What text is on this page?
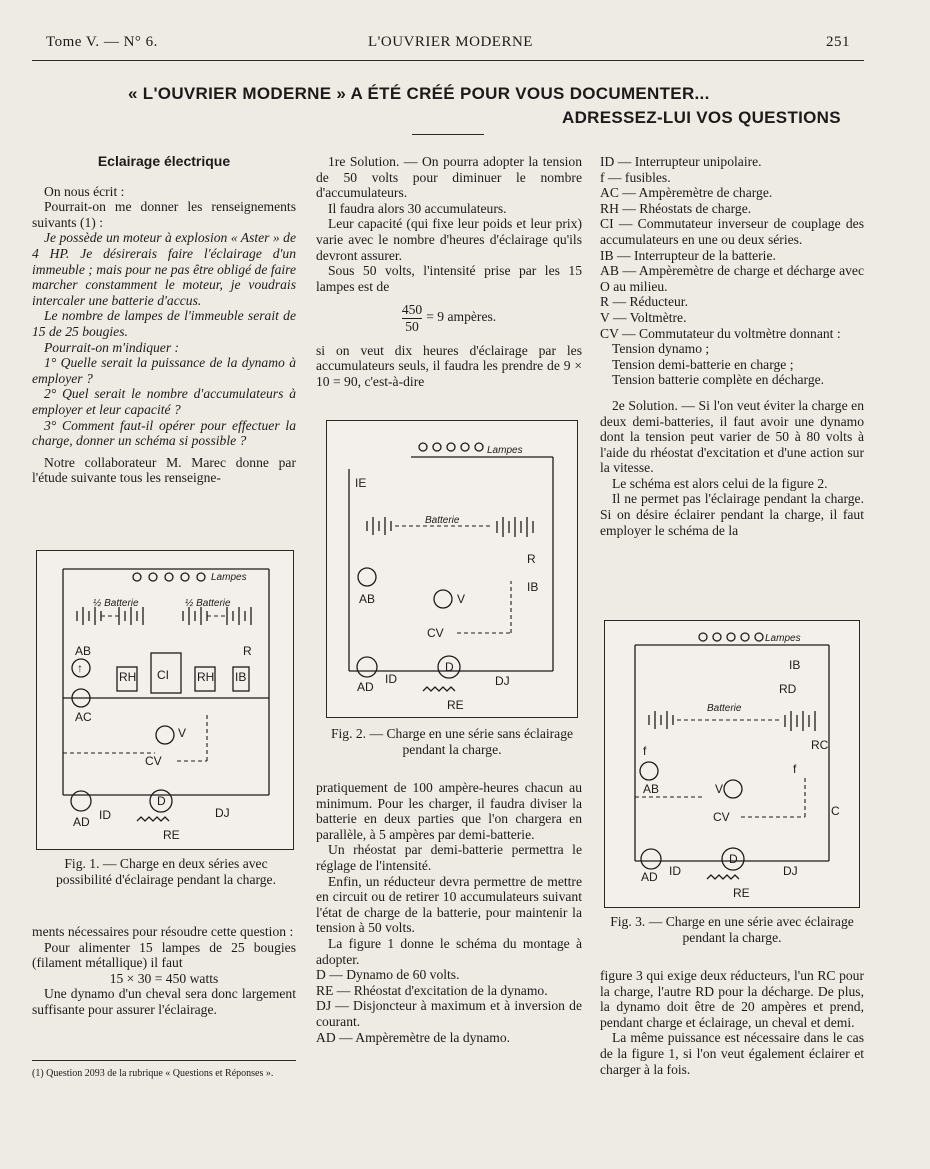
Tome V. — N° 6.	L'OUVRIER MODERNE	251
« L'OUVRIER MODERNE » A ÉTÉ CRÉÉ POUR VOUS DOCUMENTER...
ADRESSEZ-LUI VOS QUESTIONS

Eclairage électrique

On nous écrit :

Pourrait-on me donner les renseignements suivants (1) :

Je possède un moteur à explosion « Aster » de 4 HP. Je désirerais faire l'éclairage d'un immeuble ; mais pour ne pas être obligé de faire marcher constamment le moteur, je voudrais intercaler une batterie d'accus.

Le nombre de lampes de l'immeuble serait de 15 de 25 bougies.

Pourrait-on m'indiquer :

1° Quelle serait la puissance de la dynamo à employer ?

2° Quel serait le nombre d'accumulateurs à employer et leur capacité ?

3° Comment faut-il opérer pour effectuer la charge, donner un schéma si possible ?

Notre collaborateur M. Marec donne par l'étude suivante tous les renseigne-

Lampes
½ Batterie	½ Batterie
↑
AB
AC
RH CI RH IB
R
V
CV
AD ID
D
DJ
RE
Fig. 1. — Charge en deux séries avec possibilité d'éclairage pendant la charge.

ments nécessaires pour résoudre cette question :

Pour alimenter 15 lampes de 25 bougies (filament métallique) il faut

15 × 30 = 450 watts

Une dynamo d'un cheval sera donc largement suffisante pour assurer l'éclairage.

(1) Question 2093 de la rubrique « Questions et Réponses ».

1re Solution. — On pourra adopter la tension de 50 volts pour diminuer le nombre d'accumulateurs.

Il faudra alors 30 accumulateurs.

Leur capacité (qui fixe leur poids et leur prix) varie avec le nombre d'heures d'éclairage qu'ils devront assurer.

Sous 50 volts, l'intensité prise par les 15 lampes est de

$\frac{450}{50} = 9$ ampères.

si on veut dix heures d'éclairage par les accumulateurs seuls, il faudra les prendre de 9 × 10 = 90, c'est-à-dire

Lampes
IE
Batterie
R
IB
AB	V
CV
AD
ID
D
DJ
RE
Fig. 2. — Charge en une série sans éclairage pendant la charge.

pratiquement de 100 ampère-heures chacun au minimum. Pour les charger, il faudra diviser la batterie en deux parties que l'on chargera en parallèle, à 5 ampères par demi-batterie.

Un rhéostat par demi-batterie permettra le réglage de l'intensité.

Enfin, un réducteur devra permettre de mettre en circuit ou de retirer 10 accumulateurs suivant l'état de charge de la batterie, pour maintenir la tension à 50 volts.

La figure 1 donne le schéma du montage à adopter.

D — Dynamo de 60 volts.

RE — Rhéostat d'excitation de la dynamo.

DJ — Disjoncteur à maximum et à inversion de courant.

AD — Ampèremètre de la dynamo.

ID — Interrupteur unipolaire.

f — fusibles.

AC — Ampèremètre de charge.

RH — Rhéostats de charge.

CI — Commutateur inverseur de couplage des accumulateurs en une ou deux séries.

IB — Interrupteur de la batterie.

AB — Ampèremètre de charge et décharge avec O au milieu.

R — Réducteur.

V — Voltmètre.

CV — Commutateur du voltmètre donnant :

Tension dynamo ;

Tension demi-batterie en charge ;

Tension batterie complète en décharge.

2e Solution. — Si l'on veut éviter la charge en deux demi-batteries, il faut avoir une dynamo dont la tension peut varier de 50 à 80 volts à l'aide du rhéostat d'excitation et d'une action sur la vitesse.

Le schéma est alors celui de la figure 2.

Il ne permet pas l'éclairage pendant la charge. Si on désire éclairer pendant la charge, il faut employer le schéma de la

Lampes
IB
RD
Batterie
RC
f
AB
f
V
CV	C
AD ID
D
DJ
RE
Fig. 3. — Charge en une série avec éclairage pendant la charge.

figure 3 qui exige deux réducteurs, l'un RC pour la charge, l'autre RD pour la décharge. De plus, la dynamo doit être de 20 ampères et prend, pendant charge et éclairage, un cheval et demi.

La même puissance est nécessaire dans le cas de la figure 1, si l'on veut également éclairer et charger à la fois.
